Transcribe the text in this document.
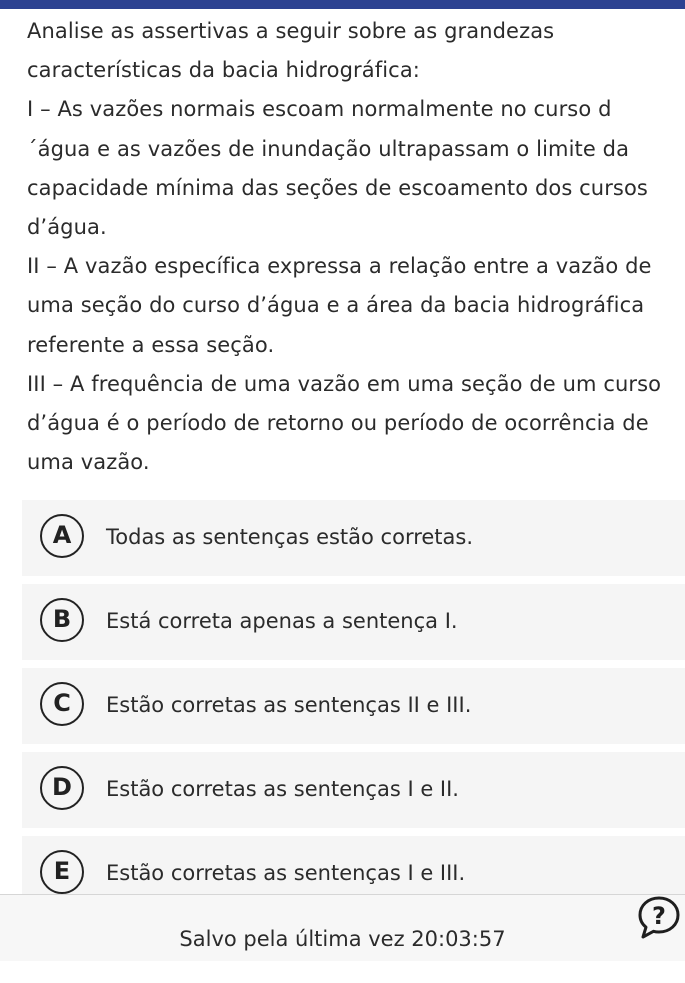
Analise as assertivas a seguir sobre as grandezas características da bacia hidrográfica:

I – As vazões normais escoam normalmente no curso d ´água e as vazões de inundação ultrapassam o limite da capacidade mínima das seções de escoamento dos cursos d’água.

II – A vazão específica expressa a relação entre a vazão de uma seção do curso d’água e a área da bacia hidrográfica referente a essa seção.

III – A frequência de uma vazão em uma seção de um curso d’água é o período de retorno ou período de ocorrência de uma vazão.

A	Todas as sentenças estão corretas.
B	Está correta apenas a sentença I.
C	Estão corretas as sentenças II e III.
D	Estão corretas as sentenças I e II.
E	Estão corretas as sentenças I e III.
Salvo pela última vez 20:03:57
?
